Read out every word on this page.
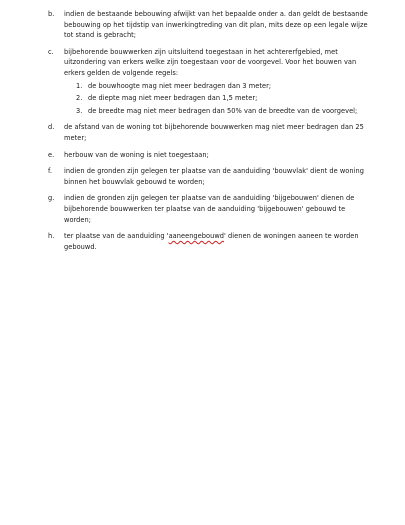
b. indien de bestaande bebouwing afwijkt van het bepaalde onder a. dan geldt de bestaande
bebouwing op het tijdstip van inwerkingtreding van dit plan, mits deze op een legale wijze
tot stand is gebracht;
c. bijbehorende bouwwerken zijn uitsluitend toegestaan in het achtererfgebied, met
uitzondering van erkers welke zijn toegestaan voor de voorgevel. Voor het bouwen van
erkers gelden de volgende regels:
1. de bouwhoogte mag niet meer bedragen dan 3 meter;
2. de diepte mag niet meer bedragen dan 1,5 meter;
3. de breedte mag niet meer bedragen dan 50% van de breedte van de voorgevel;
d. de afstand van de woning tot bijbehorende bouwwerken mag niet meer bedragen dan 25
meter;
e. herbouw van de woning is niet toegestaan;
f. indien de gronden zijn gelegen ter plaatse van de aanduiding 'bouwvlak' dient de woning
binnen het bouwvlak gebouwd te worden;
g. indien de gronden zijn gelegen ter plaatse van de aanduiding 'bijgebouwen' dienen de
bijbehorende bouwwerken ter plaatse van de aanduiding 'bijgebouwen' gebouwd te
worden;
h. ter plaatse van de aanduiding 'aaneengebouwd' dienen de woningen aaneen te worden
gebouwd.
